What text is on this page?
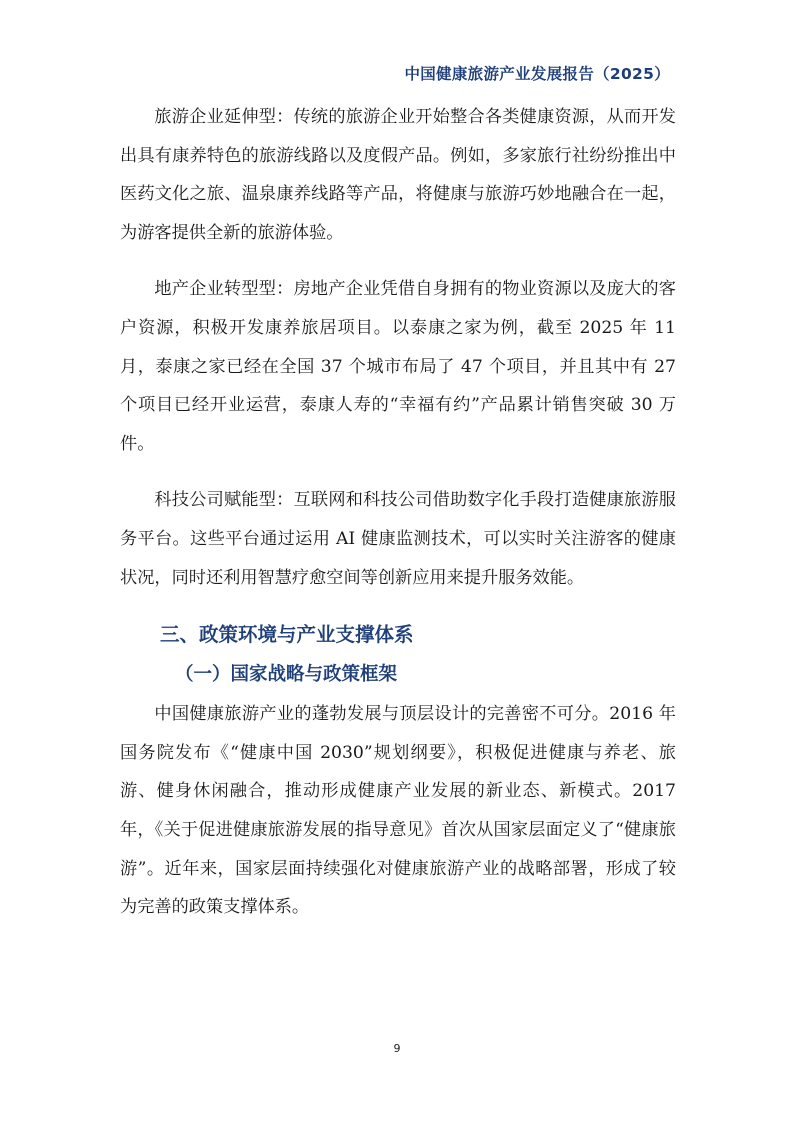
中国健康旅游产业发展报告（2025）

旅游企业延伸型：传统的旅游企业开始整合各类健康资源，从而开发出具有康养特色的旅游线路以及度假产品。例如，多家旅行社纷纷推出中医药文化之旅、温泉康养线路等产品，将健康与旅游巧妙地融合在一起，为游客提供全新的旅游体验。

地产企业转型型：房地产企业凭借自身拥有的物业资源以及庞大的客户资源，积极开发康养旅居项目。以泰康之家为例，截至 2025 年 11 月，泰康之家已经在全国 37 个城市布局了 47 个项目，并且其中有 27 个项目已经开业运营，泰康人寿的“幸福有约”产品累计销售突破 30 万件。

科技公司赋能型：互联网和科技公司借助数字化手段打造健康旅游服务平台。这些平台通过运用 AI 健康监测技术，可以实时关注游客的健康状况，同时还利用智慧疗愈空间等创新应用来提升服务效能。

三、政策环境与产业支撑体系
（一）国家战略与政策框架

中国健康旅游产业的蓬勃发展与顶层设计的完善密不可分。2016 年国务院发布《“健康中国 2030”规划纲要》，积极促进健康与养老、旅游、健身休闲融合，推动形成健康产业发展的新业态、新模式。2017 年，《关于促进健康旅游发展的指导意见》首次从国家层面定义了“健康旅游”。近年来，国家层面持续强化对健康旅游产业的战略部署，形成了较为完善的政策支撑体系。

9
